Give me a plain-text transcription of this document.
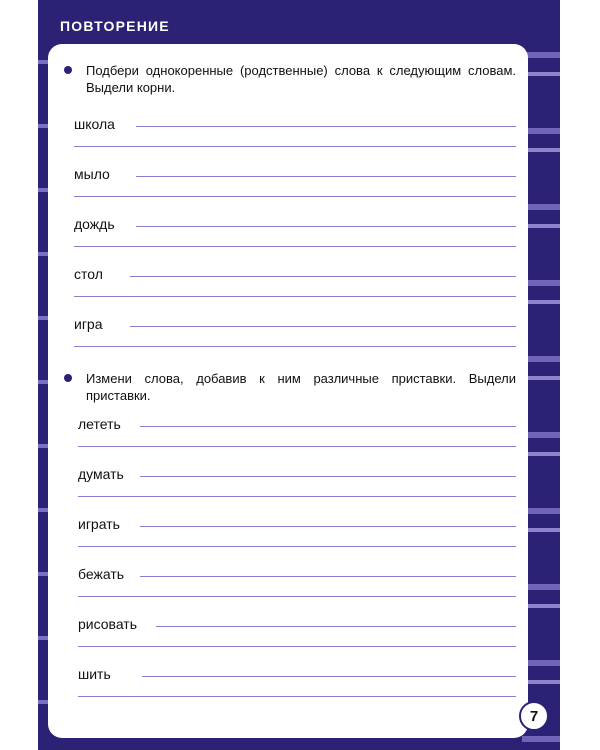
ПОВТОРЕНИЕ
Подбери однокоренные (родственные) слова к следующим словам. Выдели корни.
школа
мыло
дождь
стол
игра
Измени слова, добавив к ним различные приставки. Выдели приставки.
лететь
думать
играть
бежать
рисовать
шить
7
